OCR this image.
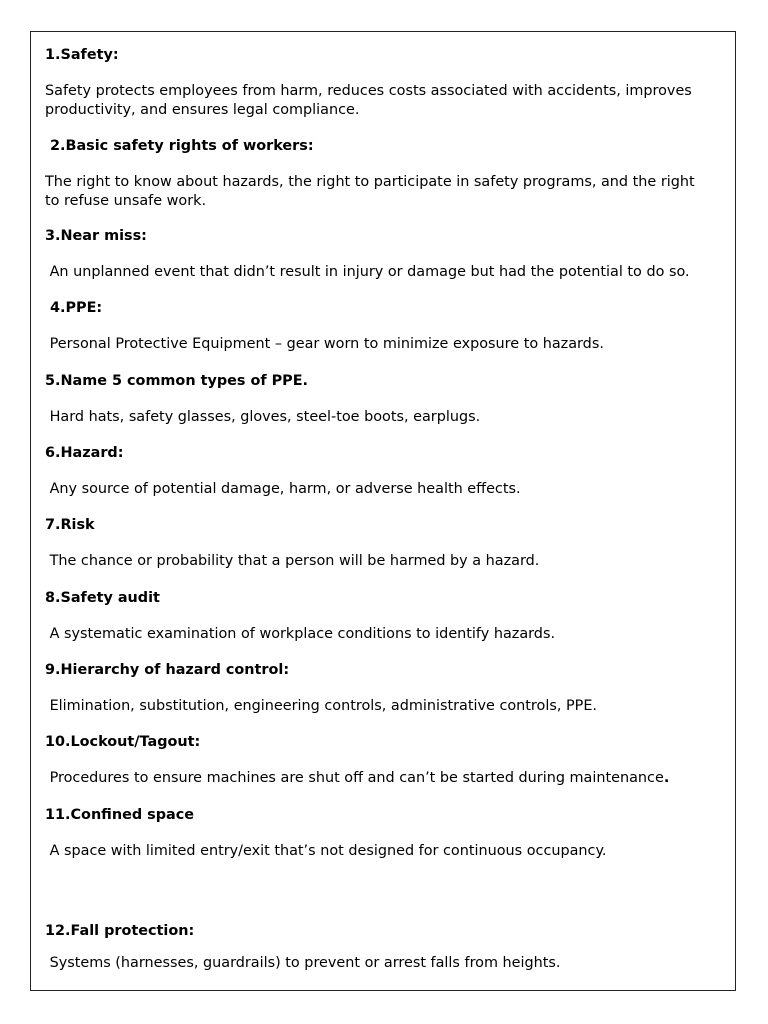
1.Safety:
Safety protects employees from harm, reduces costs associated with accidents, improves productivity, and ensures legal compliance.
2.Basic safety rights of workers:
The right to know about hazards, the right to participate in safety programs, and the right to refuse unsafe work.
3.Near miss:
An unplanned event that didn’t result in injury or damage but had the potential to do so.
4.PPE:
Personal Protective Equipment – gear worn to minimize exposure to hazards.
5.Name 5 common types of PPE.
Hard hats, safety glasses, gloves, steel-toe boots, earplugs.
6.Hazard:
Any source of potential damage, harm, or adverse health effects.
7.Risk
The chance or probability that a person will be harmed by a hazard.
8.Safety audit
A systematic examination of workplace conditions to identify hazards.
9.Hierarchy of hazard control:
Elimination, substitution, engineering controls, administrative controls, PPE.
10.Lockout/Tagout:
Procedures to ensure machines are shut off and can’t be started during maintenance.
11.Confined space
A space with limited entry/exit that’s not designed for continuous occupancy.
12.Fall protection:
Systems (harnesses, guardrails) to prevent or arrest falls from heights.
